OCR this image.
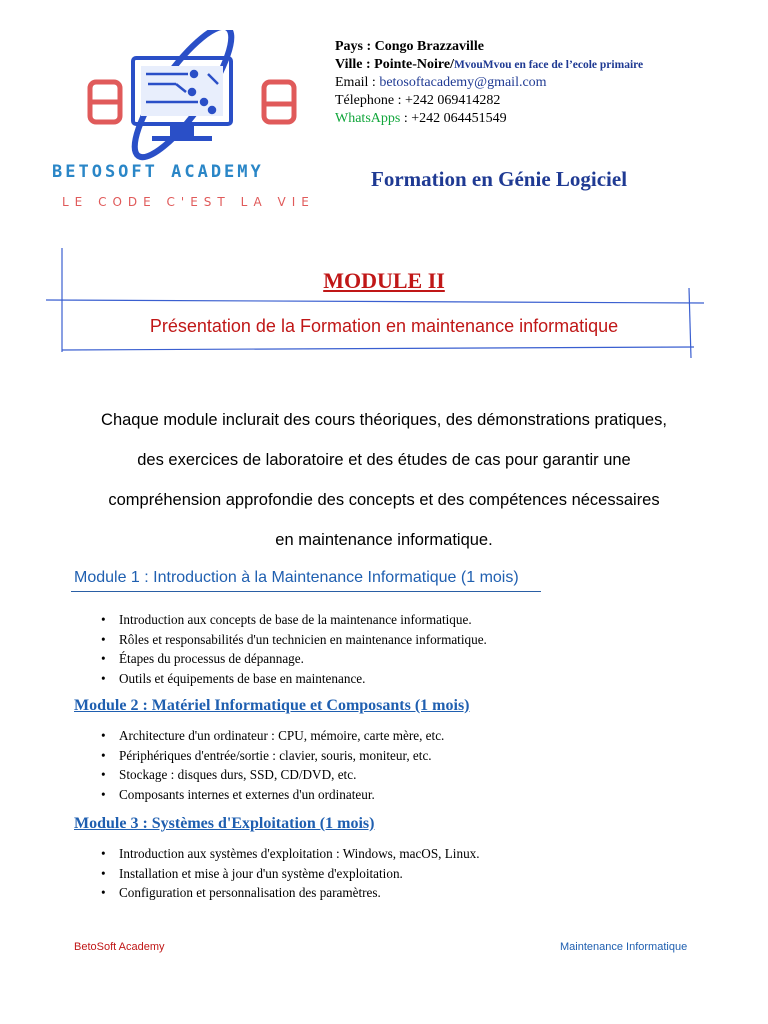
BETOSOFT ACADEMY
LE CODE C'EST LA VIE
Pays : Congo Brazzaville
Ville : Pointe-Noire/MvouMvou en face de l’ecole primaire
Email : betosoftacademy@gmail.com
Télephone : +242 069414282
WhatsApps : +242 064451549
Formation en Génie Logiciel
MODULE II
Présentation de la Formation en maintenance informatique
Chaque module inclurait des cours théoriques, des démonstrations pratiques,
des exercices de laboratoire et des études de cas pour garantir une
compréhension approfondie des concepts et des compétences nécessaires
en maintenance informatique.
Module 1 : Introduction à la Maintenance Informatique (1 mois)
• Introduction aux concepts de base de la maintenance informatique.
• Rôles et responsabilités d'un technicien en maintenance informatique.
• Étapes du processus de dépannage.
• Outils et équipements de base en maintenance.
Module 2 : Matériel Informatique et Composants (1 mois)
• Architecture d'un ordinateur : CPU, mémoire, carte mère, etc.
• Périphériques d'entrée/sortie : clavier, souris, moniteur, etc.
• Stockage : disques durs, SSD, CD/DVD, etc.
• Composants internes et externes d'un ordinateur.
Module 3 : Systèmes d'Exploitation (1 mois)
• Introduction aux systèmes d'exploitation : Windows, macOS, Linux.
• Installation et mise à jour d'un système d'exploitation.
• Configuration et personnalisation des paramètres.
BetoSoft Academy	Maintenance Informatique
